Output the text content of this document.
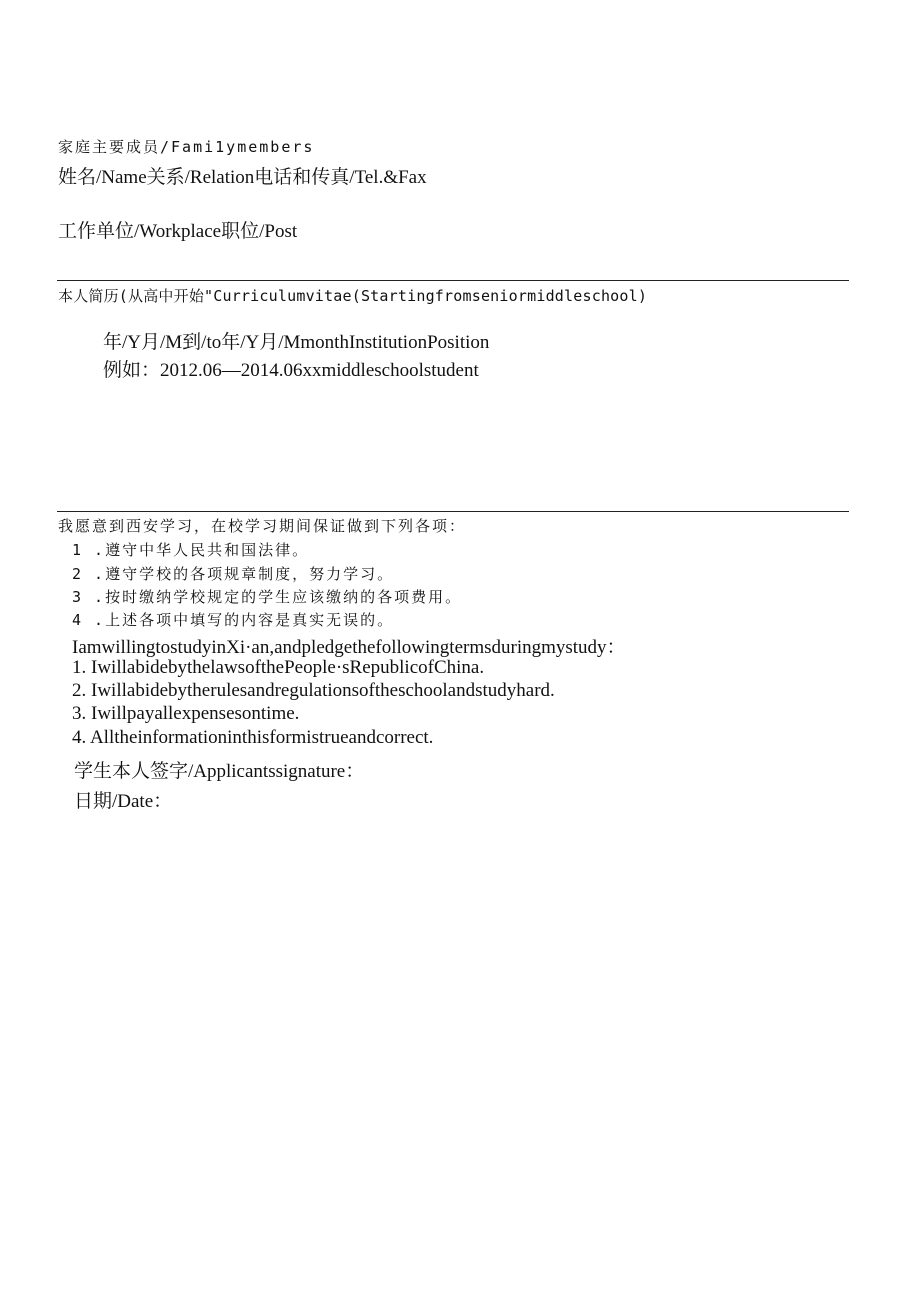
家庭主要成员/Fami1ymembers
姓名/Name关系/Relation电话和传真/Tel.&Fax
工作单位/Workplace职位/Post
本人简历(从高中开始"Curriculumvitae(Startingfromseniormiddleschool)
年/Y月/M到/to年/Y月/MmonthInstitutionPosition
例如：2012.06—2014.06xxmiddleschoolstudent
我愿意到西安学习，在校学习期间保证做到下列各项：
1 .遵守中华人民共和国法律。
2 .遵守学校的各项规章制度，努力学习。
3 .按时缴纳学校规定的学生应该缴纳的各项费用。
4 .上述各项中填写的内容是真实无误的。
IamwillingtostudyinXi·an,andpledgethefollowingtermsduringmystudy：
1. IwillabidebythelawsofthePeople·sRepublicofChina.
2. Iwillabidebytherulesandregulationsoftheschoolandstudyhard.
3. Iwillpayallexpensesontime.
4. Alltheinformationinthisformistrueandcorrect.
学生本人签字/Applicantssignature：
日期/Date：
